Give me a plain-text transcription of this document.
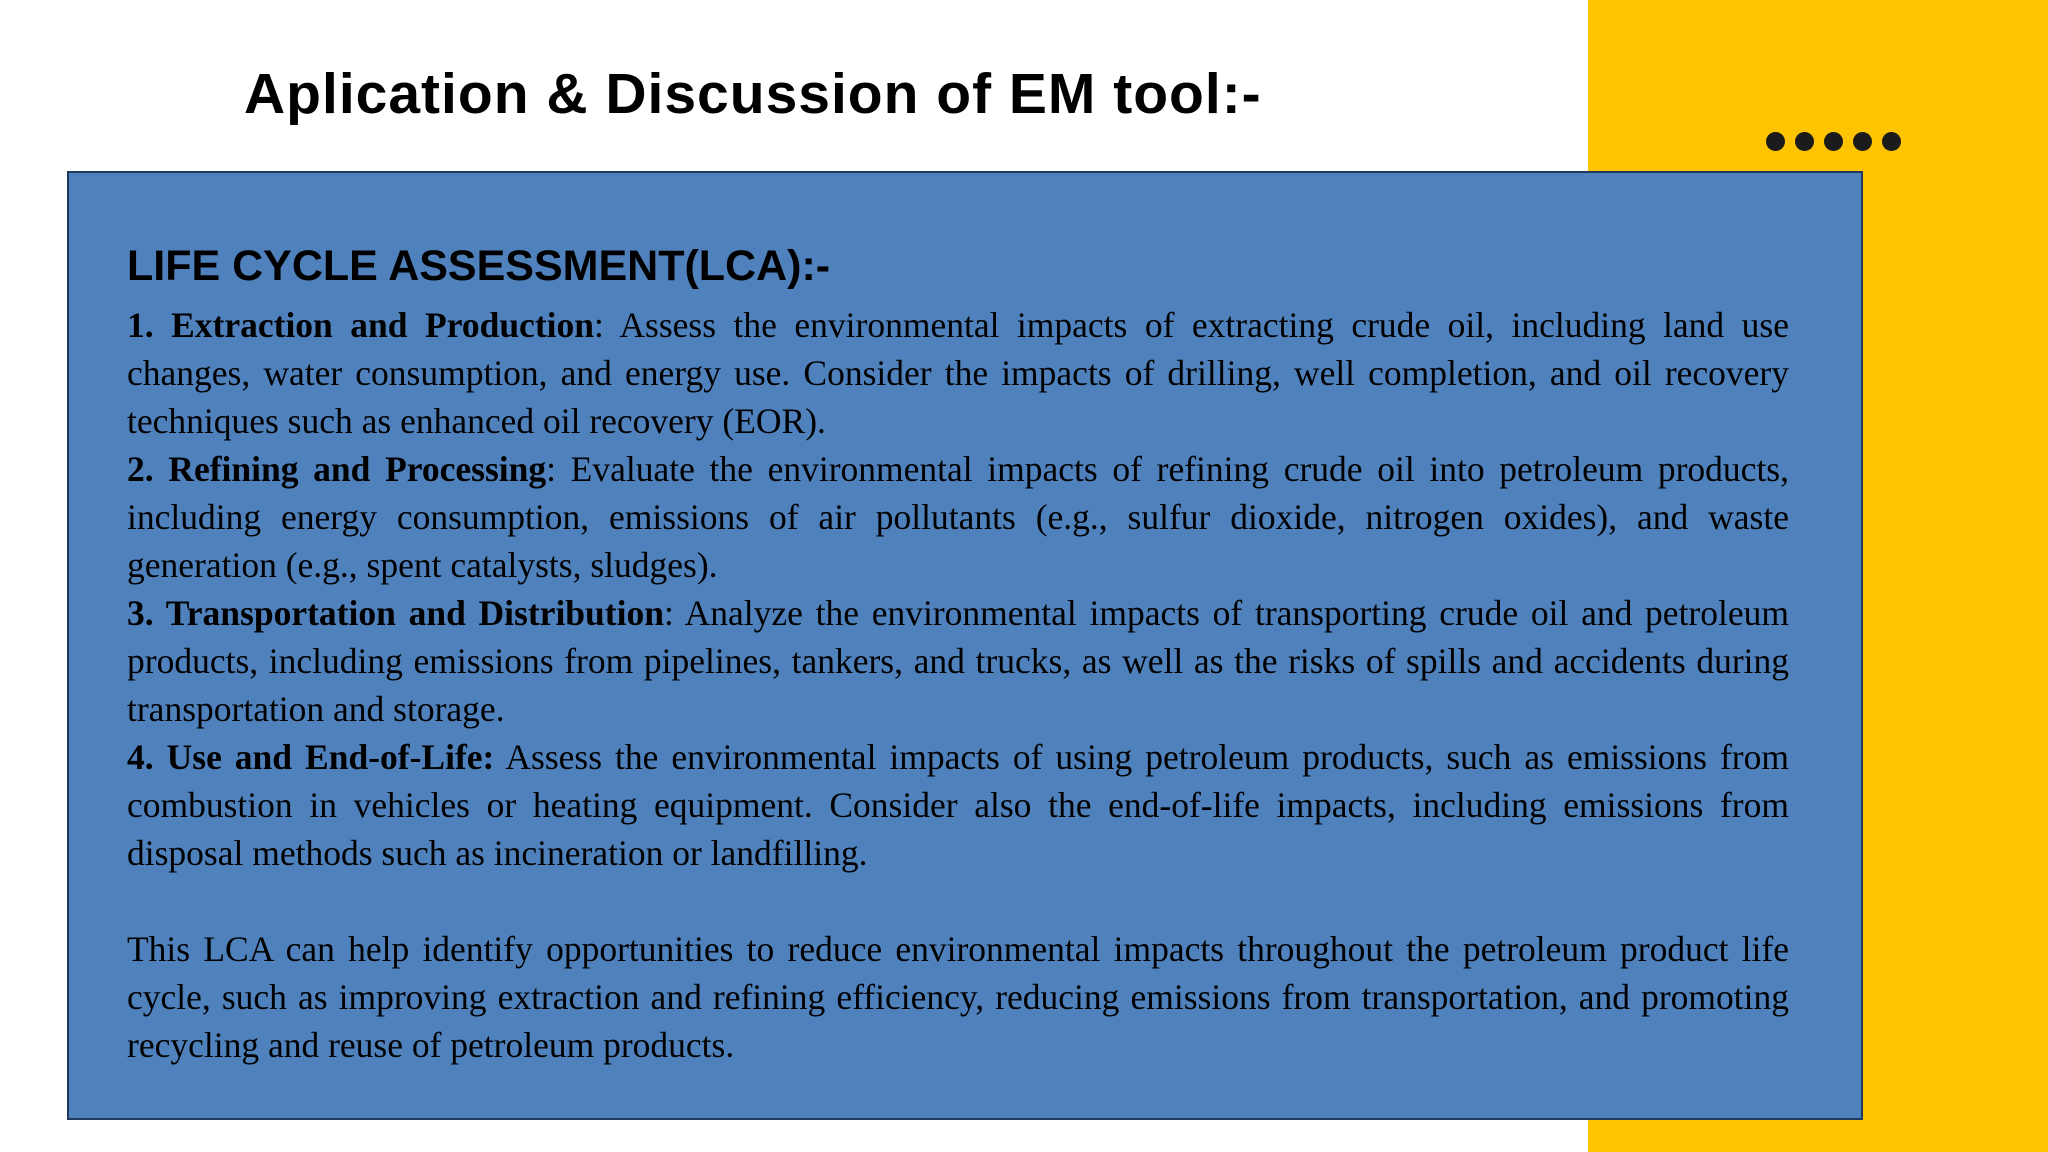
Aplication & Discussion of EM tool:-
LIFE CYCLE ASSESSMENT(LCA):-

1. Extraction and Production: Assess the environmental impacts of extracting crude oil, including land use changes, water consumption, and energy use. Consider the impacts of drilling, well completion, and oil recovery techniques such as enhanced oil recovery (EOR).

2. Refining and Processing: Evaluate the environmental impacts of refining crude oil into petroleum products, including energy consumption, emissions of air pollutants (e.g., sulfur dioxide, nitrogen oxides), and waste generation (e.g., spent catalysts, sludges).

3. Transportation and Distribution: Analyze the environmental impacts of transporting crude oil and petroleum products, including emissions from pipelines, tankers, and trucks, as well as the risks of spills and accidents during transportation and storage.

4. Use and End-of-Life: Assess the environmental impacts of using petroleum products, such as emissions from combustion in vehicles or heating equipment. Consider also the end-of-life impacts, including emissions from disposal methods such as incineration or landfilling.

This LCA can help identify opportunities to reduce environmental impacts throughout the petroleum product life cycle, such as improving extraction and refining efficiency, reducing emissions from transportation, and promoting recycling and reuse of petroleum products.
